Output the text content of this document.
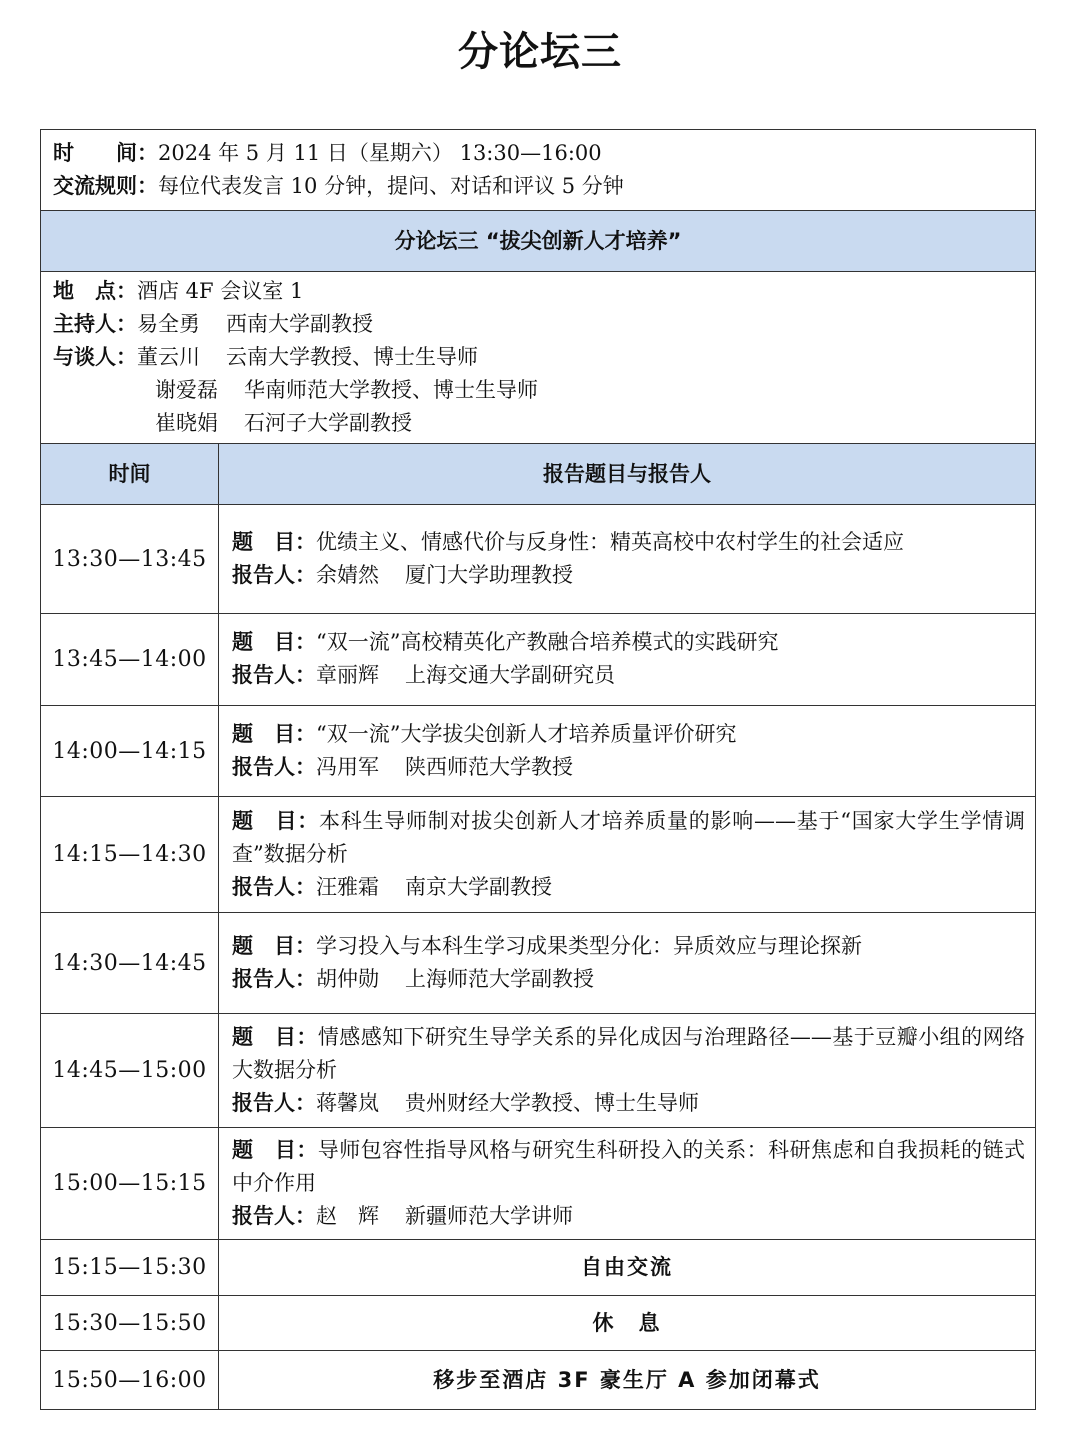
分论坛三
时　　间：2024 年 5 月 11 日（星期六） 13:30—16:00
交流规则：每位代表发言 10 分钟，提问、对话和评议 5 分钟	

分论坛三 “拔尖创新人才培养”	

地　点：酒店 4F 会议室 1
主持人：易全勇 西南大学副教授
与谈人：董云川 云南大学教授、博士生导师
谢爱磊 华南师范大学教授、博士生导师
崔晓娟 石河子大学副教授	

时间	报告题目与报告人
13:30—13:45	题　目：优绩主义、情感代价与反身性：精英高校中农村学生的社会适应
报告人：余婧然 厦门大学助理教授

13:45—14:00	题　目：“双一流”高校精英化产教融合培养模式的实践研究
报告人：章丽辉 上海交通大学副研究员

14:00—14:15	题　目：“双一流”大学拔尖创新人才培养质量评价研究
报告人：冯用军 陕西师范大学教授

14:15—14:30	题　目：本科生导师制对拔尖创新人才培养质量的影响——基于“国家大学生学情调查”数据分析
报告人：汪雅霜 南京大学副教授

14:30—14:45	题　目：学习投入与本科生学习成果类型分化：异质效应与理论探新
报告人：胡仲勋 上海师范大学副教授

14:45—15:00	题　目：情感感知下研究生导学关系的异化成因与治理路径——基于豆瓣小组的网络大数据分析
报告人：蒋馨岚 贵州财经大学教授、博士生导师

15:00—15:15	题　目：导师包容性指导风格与研究生科研投入的关系：科研焦虑和自我损耗的链式中介作用
报告人：赵　辉 新疆师范大学讲师

15:15—15:30	自由交流
15:30—15:50	休　息
15:50—16:00	移步至酒店 3F 豪生厅 A 参加闭幕式
